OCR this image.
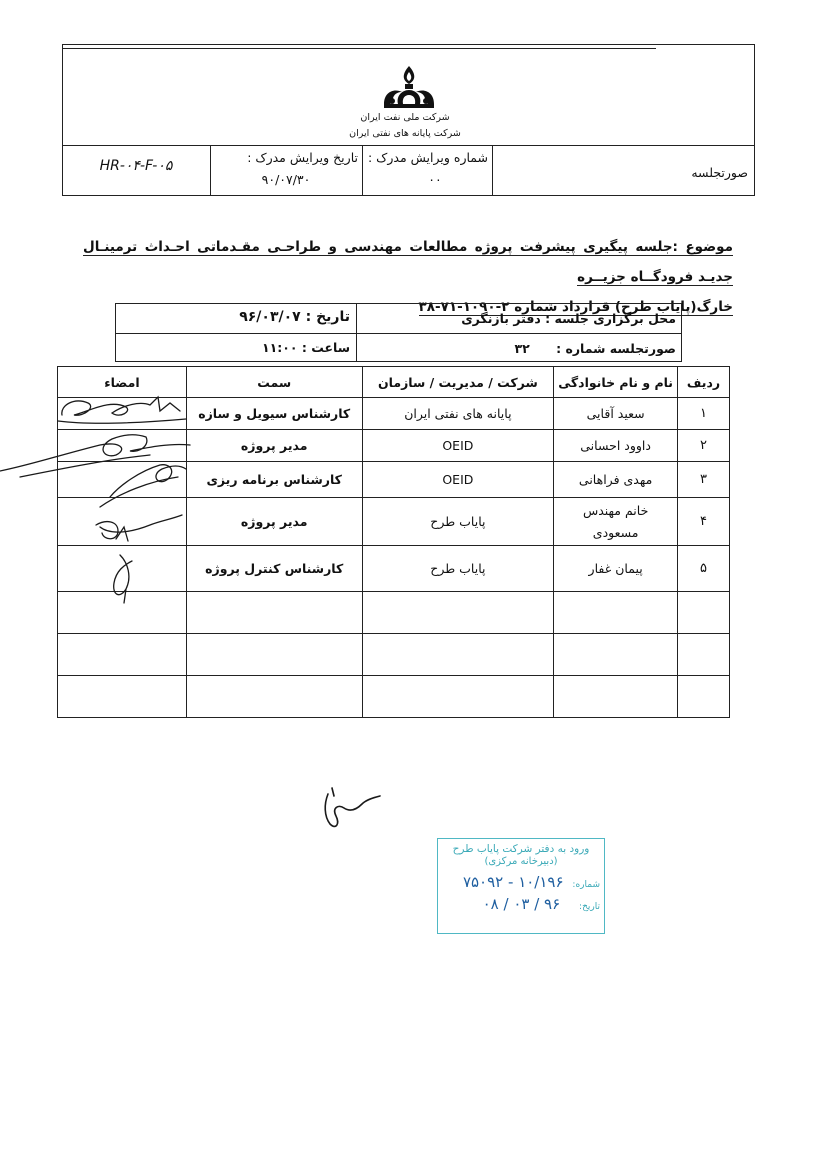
شرکت ملی نفت ایران
شرکت پایانه های نفتی ایران
صورتجلسه
شماره ویرایش مدرک :
۰۰
تاریخ ویرایش مدرک :
۹۰/۰۷/۳۰
HR-۰۴-F-۰۵
موضوع :جلسه پیگیری پیشرفت پروژه مطالعات مهندسی و طراحـی مقـدماتی احـداث ترمینـال جدیـد فرودگــاه جزیــره
خارگ(پایاب طرح) قرارداد شماره ۲-۱۰۹۰-۷۱-۳۸
محل برگزاری جلسه : دفتر بازنگری
صورتجلسه شماره : ۳۲
تاریخ : ۹۶/۰۳/۰۷
ساعت : ۱۱:۰۰
ردیف	نام و نام خانوادگی	شرکت / مدیریت / سازمان	سمت	امضاء
۱	سعید آقایی	پایانه های نفتی ایران	کارشناس سیویل و سازه	
۲	داوود احسانی	OEID	مدیر پروژه	
۳	مهدی فراهانی	OEID	کارشناس برنامه ریزی	
۴	خانم مهندس مسعودی	پایاب طرح	مدیر پروژه	
۵	پیمان غفار	پایاب طرح	کارشناس کنترل پروژه	

ورود به دفتر شرکت پایاب طرح
(دبیرخانه مرکزی)
شماره: ۱۰/۱۹۶ - ۷۵۰۹۲
تاریخ: ۹۶ / ۰۳ / ۰۸
